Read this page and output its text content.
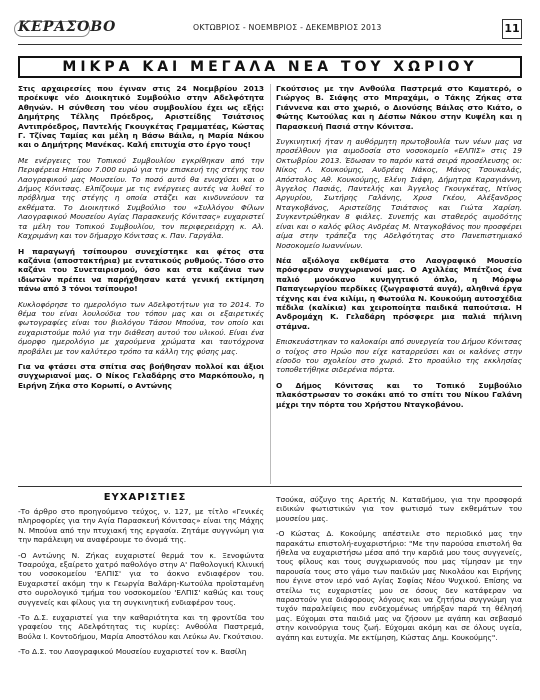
ΚΕΡΑΣΟΒΟ	ΟΚΤΩΒΡΙΟΣ - ΝΟΕΜΒΡΙΟΣ - ΔΕΚΕΜΒΡΙΟΣ 2013	11
ΜΙΚΡΑ ΚΑΙ ΜΕΓΑΛΑ ΝΕΑ ΤΟΥ ΧΩΡΙΟΥ

Στις αρχαιρεσίες που έγιναν στις 24 Νοεμβρίου 2013 προέκυψε νέο Διοικητικό Συμβούλιο στην Αδελφότητα Αθηνών. Η σύνθεση του νέου συμβουλίου έχει ως εξής: Δημήτρης Τέλλης Πρόεδρος, Αριστείδης Τσιάτσιος Αντιπρόεδρος, Παντελής Γκουγκέτας Γραμματέας, Κώστας Γ. Τζίνας Ταμίας και μέλη η Βάσω Βάιλα, η Μαρία Νάκου και ο Δημήτρης Μανέκας. Καλή επιτυχία στο έργο τους!

Με ενέργειες του Τοπικού Συμβουλίου εγκρίθηκαν από την Περιφέρεια Ηπείρου 7.000 ευρώ για την επισκευή της στέγης του Λαογραφικού μας Μουσείου. Το ποσό αυτό θα ενισχύσει και ο Δήμος Κόνιτσας. Ελπίζουμε με τις ενέργειες αυτές να λυθεί το πρόβλημα της στέγης η οποία στάζει και κινδυνεύουν τα εκθέματα. Το Διοικητικό Συμβούλιο του «Συλλόγου Φίλων Λαογραφικού Μουσείου Αγίας Παρασκευής Κόνιτσας» ευχαριστεί τα μέλη του Τοπικού Συμβουλίου, τον περιφερειάρχη κ. Αλ. Καχριμάνη και τον δήμαρχο Κόνιτσας κ. Παν. Γαργάλα.

Η παραγωγή τσίπουρου συνεχίστηκε και φέτος στα καζάνια (αποστακτήρια) με εντατικούς ρυθμούς. Τόσο στο καζάνι του Συνεταιρισμού, όσο και στα καζάνια των ιδιωτών πρέπει να παρήχθησαν κατά γενική εκτίμηση πάνω από 3 τόνοι τσίπουρο!

Κυκλοφόρησε το ημερολόγιο των Αδελφοτήτων για το 2014. Το θέμα του είναι λουλούδια του τόπου μας και οι εξαιρετικές φωτογραφίες είναι του βιολόγου Τάσου Μπούνα, τον οποίο και ευχαριστούμε πολύ για την διάθεση αυτού του υλικού. Είναι ένα όμορφο ημερολόγιο με χαρούμενα χρώματα και ταυτόχρονα προβάλει με τον καλύτερο τρόπο τα κάλλη της φύσης μας.

Για να φτάσει στα σπίτια σας βοήθησαν πολλοί και άξιοι συγχωριανοί μας. Ο Νίκος Γελαδάρης στο Μαρκόπουλο, η Ειρήνη Ζήκα στο Κορωπί, ο Αντώνης

Γκούτσιος με την Ανθούλα Παστρεμά στο Καματερό, ο Γιώργος Β. Σιάφης στο Μπραχάμι, ο Τάκης Ζήκας στα Γιάννενα και στο χωριό, ο Διονύσης Βάιλας στο Κιάτο, ο Φώτης Κωτούλας και η Δέσπω Νάκου στην Κυψέλη και η Παρασκευή Πασιά στην Κόνιτσα.

Συγκινητική ήταν η αυθόρμητη πρωτοβουλία των νέων μας να προσέλθουν για αιμοδοσία στο νοσοκομείο «ΕΛΠΙΣ» στις 19 Οκτωβρίου 2013. Έδωσαν το παρόν κατά σειρά προσέλευσης οι: Νίκος Λ. Κουκούμης, Ανδρέας Νάκος, Μάνος Τσουκαλάς, Απόστολος Αθ. Κουκούμης, Ελένη Σιάφη, Δήμητρα Καραγιάννη, Άγγελος Πασιάς, Παντελής και Άγγελος Γκουγκέτας, Ντίνος Αργυρίου, Σωτήρης Γαλάνης, Χρυσ Γκέου, Αλέξανδρος Νταγκοβάνος, Αριστείδης Τσιάτσιος και Γιώτα Χαρίση. Συγκεντρώθηκαν 8 φιάλες. Συνεπής και σταθερός αιμοδότης είναι και ο καλός φίλος Ανδρέας Μ. Νταγκοβάνος που προσφέρει αίμα στην τράπεζα της Αδελφότητας στο Πανεπιστημιακό Νοσοκομείο Ιωαννίνων.

Νέα αξιόλογα εκθέματα στο Λαογραφικό Μουσείο πρόσφεραν συγχωριανοί μας. Ο Αχιλλέας Μπέτζιος ένα παλιό μονόκανο κυνηγητικό όπλο, η Μόρφω Παπαγεωργίου περδίκες (ζωγραφιστά αυγά), αληθινά έργα τέχνης και ένα κιλίμι, η Φωτούλα Ν. Κουκούμη αυτοσχέδια πέδιλα (καλίκια) και χειροποίητα παιδικά παπούτσια. Η Ανδρομάχη Κ. Γελαδάρη πρόσφερε μια παλιά πήλινη στάμνα.

Επισκευάστηκαν το καλοκαίρι από συνεργεία του Δήμου Κόνιτσας ο τοίχος στο Ηρώο που είχε καταρρεύσει και οι καλόνες στην είσοδο του σχολείου στο χωριό. Στο προαύλιο της εκκλησίας τοποθετήθηκε σιδερένια πόρτα.

Ο Δήμος Κόνιτσας και το Τοπικό Συμβούλιο πλακόστρωσαν το σοκάκι από το σπίτι του Νίκου Γαλάνη μέχρι την πόρτα του Χρήστου Νταγκοβάνου.

ΕΥΧΑΡΙΣΤΙΕΣ

-Το άρθρο στο προηγούμενο τεύχος, ν. 127, με τίτλο «Γενικές πληροφορίες για την Αγία Παρασκευή Κόνιτσας» είναι της Μάχης Ν. Μπούνα από την πτυχιακή της εργασία. Ζητάμε συγγνώμη για την παράλειψη να αναφέρουμε το όνομά της.

-Ο Αντώνης Ν. Ζήκας ευχαριστεί θερμά τον κ. Ξενοφώντα Τσαρούχα, εξαίρετο χατρό παθολόγο στην Α' Παθολογική Κλινική του νοσοκομείου 'ΕΛΠΙΣ' για το άοκνο ενδιαφέρον του. Ευχαριστεί ακόμη την κ Γεωργία Βαλάρη-Κωτούλα προϊσταμένη στο ουρολογικό τμήμα του νοσοκομείου 'ΕΛΠΙΣ' καθώς και τους συγγενείς και φίλους για τη συγκινητική ενδιαφέρον τους.

-Το Δ.Σ. ευχαριστεί για την καθαριότητα και τη φροντίδα του γραφείου της Αδελφότητας τις κυρίες: Ανθούλα Παστρεμά, Βούλα Ι. Κοντοδήμου, Μαρία Αποστόλου και Λεύκω Αν. Γκούτσιου.

-Το Δ.Σ. του Λαογραφικού Μουσείου ευχαριστεί τον κ. Βασίλη

Τσούκα, σύζυγο της Αρετής Ν. Καταδήμου, για την προσφορά ειδικών φωτιστικών για τον φωτισμό των εκθεμάτων του μουσείου μας.

-Ο Κώστας Δ. Κοκούμης απέστειλε στο περιοδικό μας την παρακάτω επιστολή-ευχαριστήριο: "Με την παρούσα επιστολή θα ήθελα να ευχαριστήσω μέσα από την καρδιά μου τους συγγενείς, τους φίλους και τους συγχωριανούς που μας τίμησαν με την παρουσία τους στο γάμο των παιδιών μας Νικολάου και Ειρήνης που έγινε στον ιερό ναό Αγίας Σοφίας Νέου Ψυχικού. Επίσης να στείλω τις ευχαριστίες μου σε όσους δεν κατάφεραν να παραστούν για διάφορους λόγους και να ζητήσω συγγνώμη για τυχόν παραλείψεις που ενδεχομένως υπήρξαν παρά τη θέλησή μας. Εύχομαι στα παιδιά μας να ζήσουν με αγάπη και σεβασμό στην κοινούργια τους ζωή. Εύχομαι ακόμη και σε όλους υγεία, αγάπη και ευτυχία. Με εκτίμηση, Κώστας Δημ. Κουκούμης".
